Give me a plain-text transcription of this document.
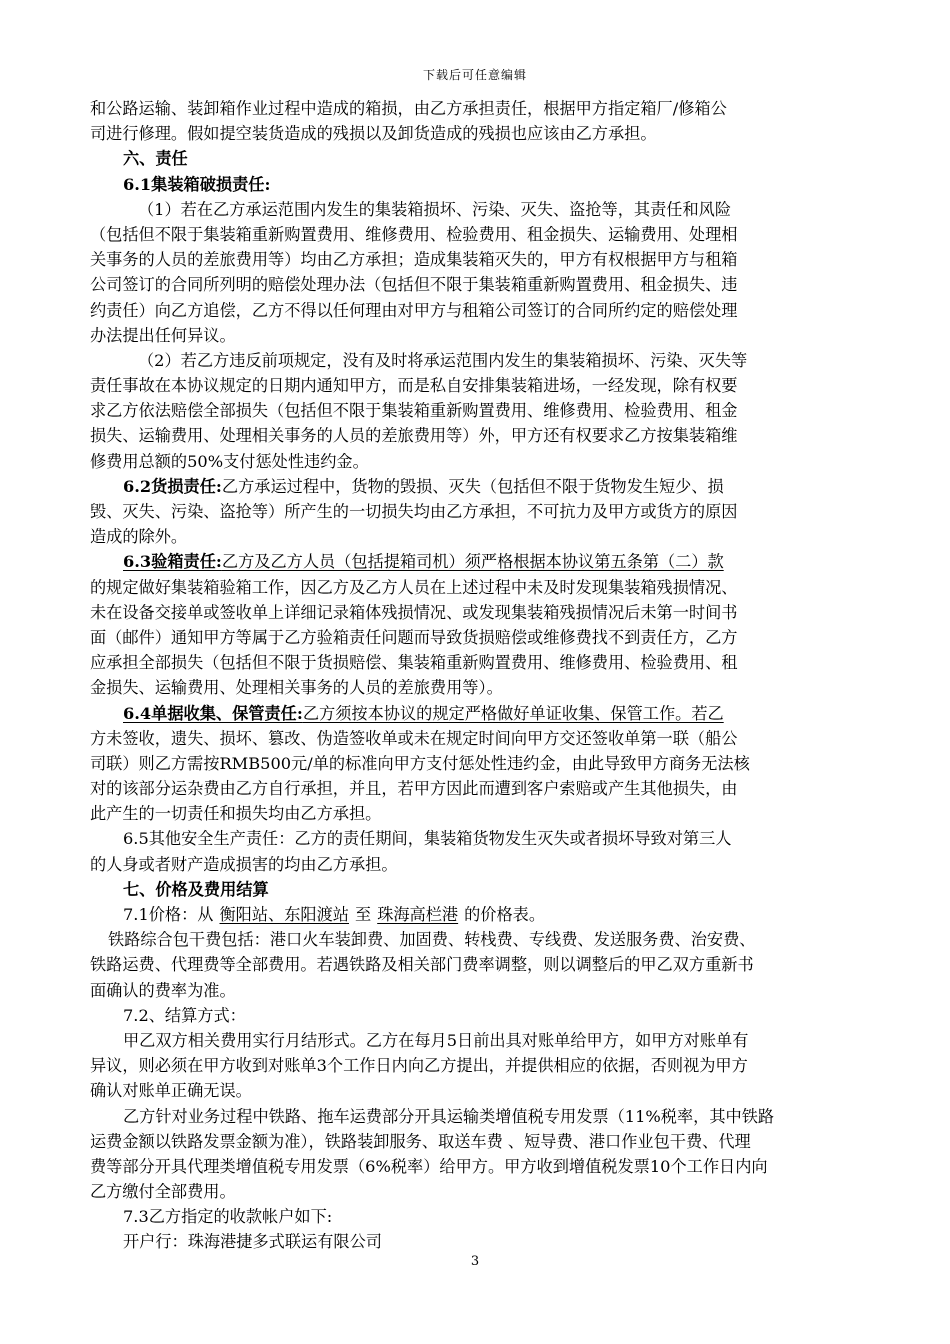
下载后可任意编辑
和公路运输、装卸箱作业过程中造成的箱损，由乙方承担责任，根据甲方指定箱厂/修箱公
司进行修理。假如提空装货造成的残损以及卸货造成的残损也应该由乙方承担。
六、责任
6.1集装箱破损责任:
（1）若在乙方承运范围内发生的集装箱损坏、污染、灭失、盗抢等，其责任和风险
（包括但不限于集装箱重新购置费用、维修费用、检验费用、租金损失、运输费用、处理相
关事务的人员的差旅费用等）均由乙方承担；造成集装箱灭失的，甲方有权根据甲方与租箱
公司签订的合同所列明的赔偿处理办法（包括但不限于集装箱重新购置费用、租金损失、违
约责任）向乙方追偿，乙方不得以任何理由对甲方与租箱公司签订的合同所约定的赔偿处理
办法提出任何异议。
（2）若乙方违反前项规定，没有及时将承运范围内发生的集装箱损坏、污染、灭失等
责任事故在本协议规定的日期内通知甲方，而是私自安排集装箱进场，一经发现，除有权要
求乙方依法赔偿全部损失（包括但不限于集装箱重新购置费用、维修费用、检验费用、租金
损失、运输费用、处理相关事务的人员的差旅费用等）外，甲方还有权要求乙方按集装箱维
修费用总额的50%支付惩处性违约金。
6.2货损责任:乙方承运过程中，货物的毁损、灭失（包括但不限于货物发生短少、损
毁、灭失、污染、盗抢等）所产生的一切损失均由乙方承担，不可抗力及甲方或货方的原因
造成的除外。
6.3验箱责任:乙方及乙方人员（包括提箱司机）须严格根据本协议第五条第（二）款
的规定做好集装箱验箱工作，因乙方及乙方人员在上述过程中未及时发现集装箱残损情况、
未在设备交接单或签收单上详细记录箱体残损情况、或发现集装箱残损情况后未第一时间书
面（邮件）通知甲方等属于乙方验箱责任问题而导致货损赔偿或维修费找不到责任方，乙方
应承担全部损失（包括但不限于货损赔偿、集装箱重新购置费用、维修费用、检验费用、租
金损失、运输费用、处理相关事务的人员的差旅费用等）。
6.4单据收集、保管责任:乙方须按本协议的规定严格做好单证收集、保管工作。若乙
方未签收，遗失、损坏、篡改、伪造签收单或未在规定时间向甲方交还签收单第一联（船公
司联）则乙方需按RMB500元/单的标准向甲方支付惩处性违约金，由此导致甲方商务无法核
对的该部分运杂费由乙方自行承担，并且，若甲方因此而遭到客户索赔或产生其他损失，由
此产生的一切责任和损失均由乙方承担。
6.5其他安全生产责任：乙方的责任期间，集装箱货物发生灭失或者损坏导致对第三人
的人身或者财产造成损害的均由乙方承担。
七、价格及费用结算
7.1价格：从 衡阳站、东阳渡站 至 珠海高栏港 的价格表。
铁路综合包干费包括：港口火车装卸费、加固费、转栈费、专线费、发送服务费、治安费、
铁路运费、代理费等全部费用。若遇铁路及相关部门费率调整，则以调整后的甲乙双方重新书
面确认的费率为准。
7.2、结算方式：
甲乙双方相关费用实行月结形式。乙方在每月5日前出具对账单给甲方，如甲方对账单有
异议，则必须在甲方收到对账单3个工作日内向乙方提出，并提供相应的依据，否则视为甲方
确认对账单正确无误。
乙方针对业务过程中铁路、拖车运费部分开具运输类增值税专用发票（11%税率，其中铁路
运费金额以铁路发票金额为准），铁路装卸服务、取送车费 、短导费、港口作业包干费、代理
费等部分开具代理类增值税专用发票（6%税率）给甲方。甲方收到增值税发票10个工作日内向
乙方缴付全部费用。
7.3乙方指定的收款帐户如下:
开户行：珠海港捷多式联运有限公司
3
